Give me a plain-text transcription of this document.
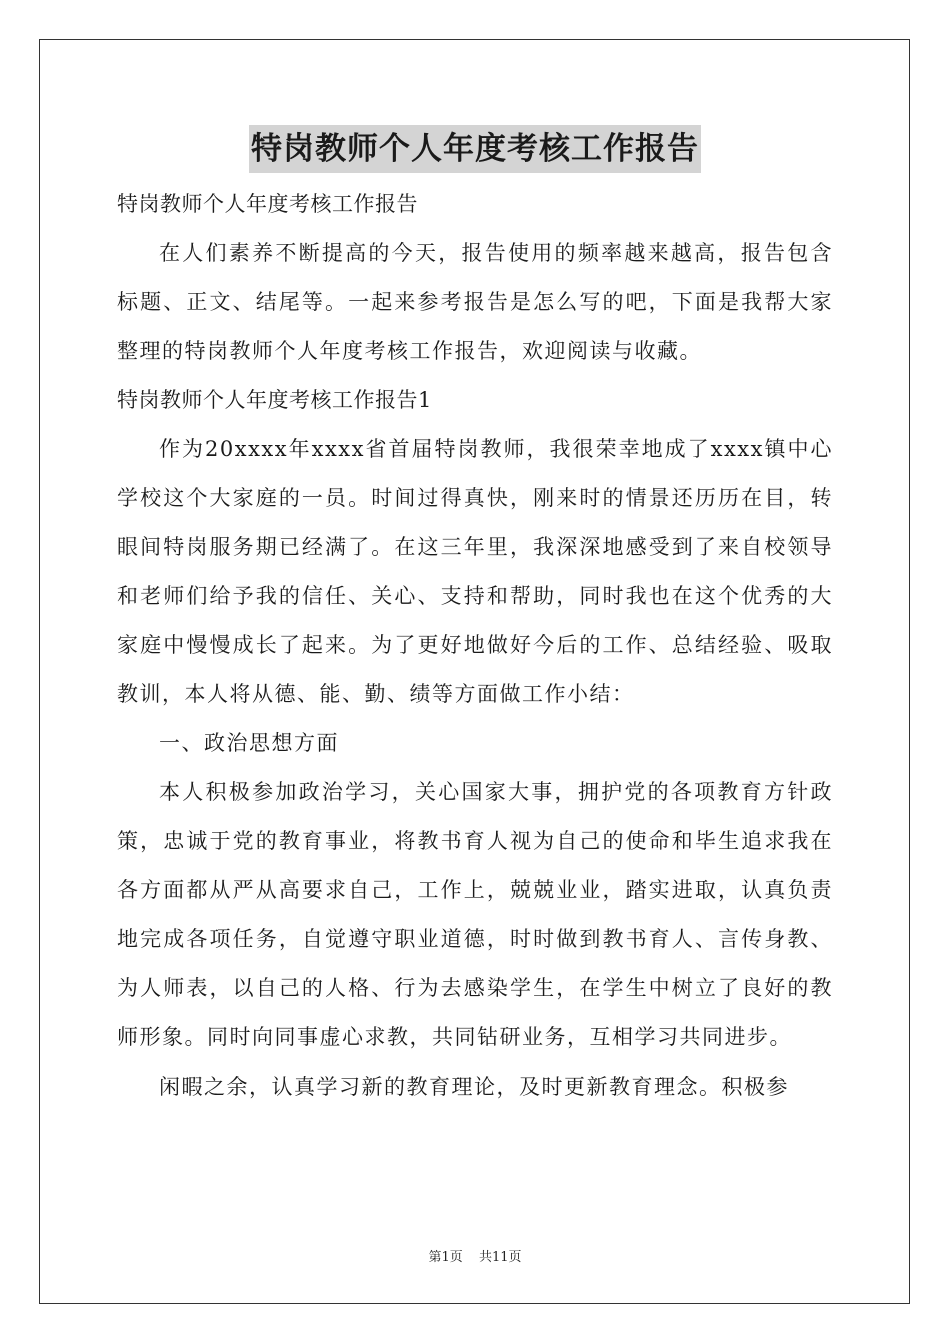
特岗教师个人年度考核工作报告
特岗教师个人年度考核工作报告

在人们素养不断提高的今天，报告使用的频率越来越高，报告包含标题、正文、结尾等。一起来参考报告是怎么写的吧，下面是我帮大家整理的特岗教师个人年度考核工作报告，欢迎阅读与收藏。

特岗教师个人年度考核工作报告1

作为20xxxx年xxxx省首届特岗教师，我很荣幸地成了xxxx镇中心学校这个大家庭的一员。时间过得真快，刚来时的情景还历历在目，转眼间特岗服务期已经满了。在这三年里，我深深地感受到了来自校领导和老师们给予我的信任、关心、支持和帮助，同时我也在这个优秀的大家庭中慢慢成长了起来。为了更好地做好今后的工作、总结经验、吸取教训，本人将从德、能、勤、绩等方面做工作小结：

一、政治思想方面

本人积极参加政治学习，关心国家大事，拥护党的各项教育方针政策，忠诚于党的教育事业，将教书育人视为自己的使命和毕生追求我在各方面都从严从高要求自己，工作上，兢兢业业，踏实进取，认真负责地完成各项任务，自觉遵守职业道德，时时做到教书育人、言传身教、为人师表，以自己的人格、行为去感染学生，在学生中树立了良好的教师形象。同时向同事虚心求教，共同钻研业务，互相学习共同进步。

闲暇之余，认真学习新的教育理论，及时更新教育理念。积极参

第1页 共11页
